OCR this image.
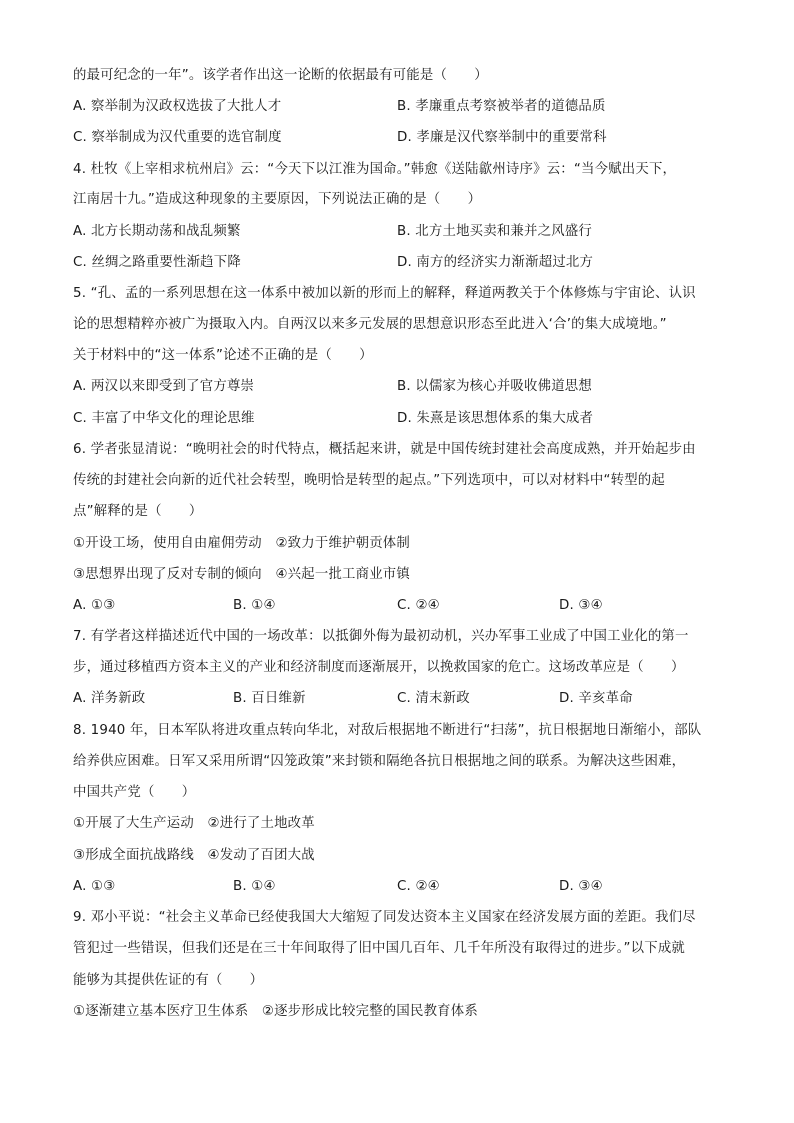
的最可纪念的一年”。该学者作出这一论断的依据最有可能是（　　）
A. 察举制为汉政权选拔了大批人才	B. 孝廉重点考察被举者的道德品质
C. 察举制成为汉代重要的选官制度	D. 孝廉是汉代察举制中的重要常科
4. 杜牧《上宰相求杭州启》云：“今天下以江淮为国命。”韩愈《送陆歙州诗序》云：“当今赋出天下，
江南居十九。”造成这种现象的主要原因，下列说法正确的是（　　）
A. 北方长期动荡和战乱频繁	B. 北方土地买卖和兼并之风盛行
C. 丝绸之路重要性渐趋下降	D. 南方的经济实力渐渐超过北方
5. “孔、孟的一系列思想在这一体系中被加以新的形而上的解释，释道两教关于个体修炼与宇宙论、认识
论的思想精粹亦被广为摄取入内。自两汉以来多元发展的思想意识形态至此进入‘合’的集大成境地。”
关于材料中的“这一体系”论述不正确的是（　　）
A. 两汉以来即受到了官方尊崇	B. 以儒家为核心并吸收佛道思想
C. 丰富了中华文化的理论思维	D. 朱熹是该思想体系的集大成者
6. 学者张显清说：“晚明社会的时代特点，概括起来讲，就是中国传统封建社会高度成熟，并开始起步由
传统的封建社会向新的近代社会转型，晚明恰是转型的起点。”下列选项中，可以对材料中“转型的起
点”解释的是（　　）
①开设工场，使用自由雇佣劳动　②致力于维护朝贡体制
③思想界出现了反对专制的倾向　④兴起一批工商业市镇
A. ①③	B. ①④	C. ②④	D. ③④
7. 有学者这样描述近代中国的一场改革：以抵御外侮为最初动机，兴办军事工业成了中国工业化的第一
步，通过移植西方资本主义的产业和经济制度而逐渐展开，以挽救国家的危亡。这场改革应是（　　）
A. 洋务新政	B. 百日维新	C. 清末新政	D. 辛亥革命
8. 1940 年，日本军队将进攻重点转向华北，对敌后根据地不断进行“扫荡”，抗日根据地日渐缩小，部队
给养供应困难。日军又采用所谓“囚笼政策”来封锁和隔绝各抗日根据地之间的联系。为解决这些困难，
中国共产党（　　）
①开展了大生产运动　②进行了土地改革
③形成全面抗战路线　④发动了百团大战
A. ①③	B. ①④	C. ②④	D. ③④
9. 邓小平说：“社会主义革命已经使我国大大缩短了同发达资本主义国家在经济发展方面的差距。我们尽
管犯过一些错误，但我们还是在三十年间取得了旧中国几百年、几千年所没有取得过的进步。”以下成就
能够为其提供佐证的有（　　）
①逐渐建立基本医疗卫生体系　②逐步形成比较完整的国民教育体系
